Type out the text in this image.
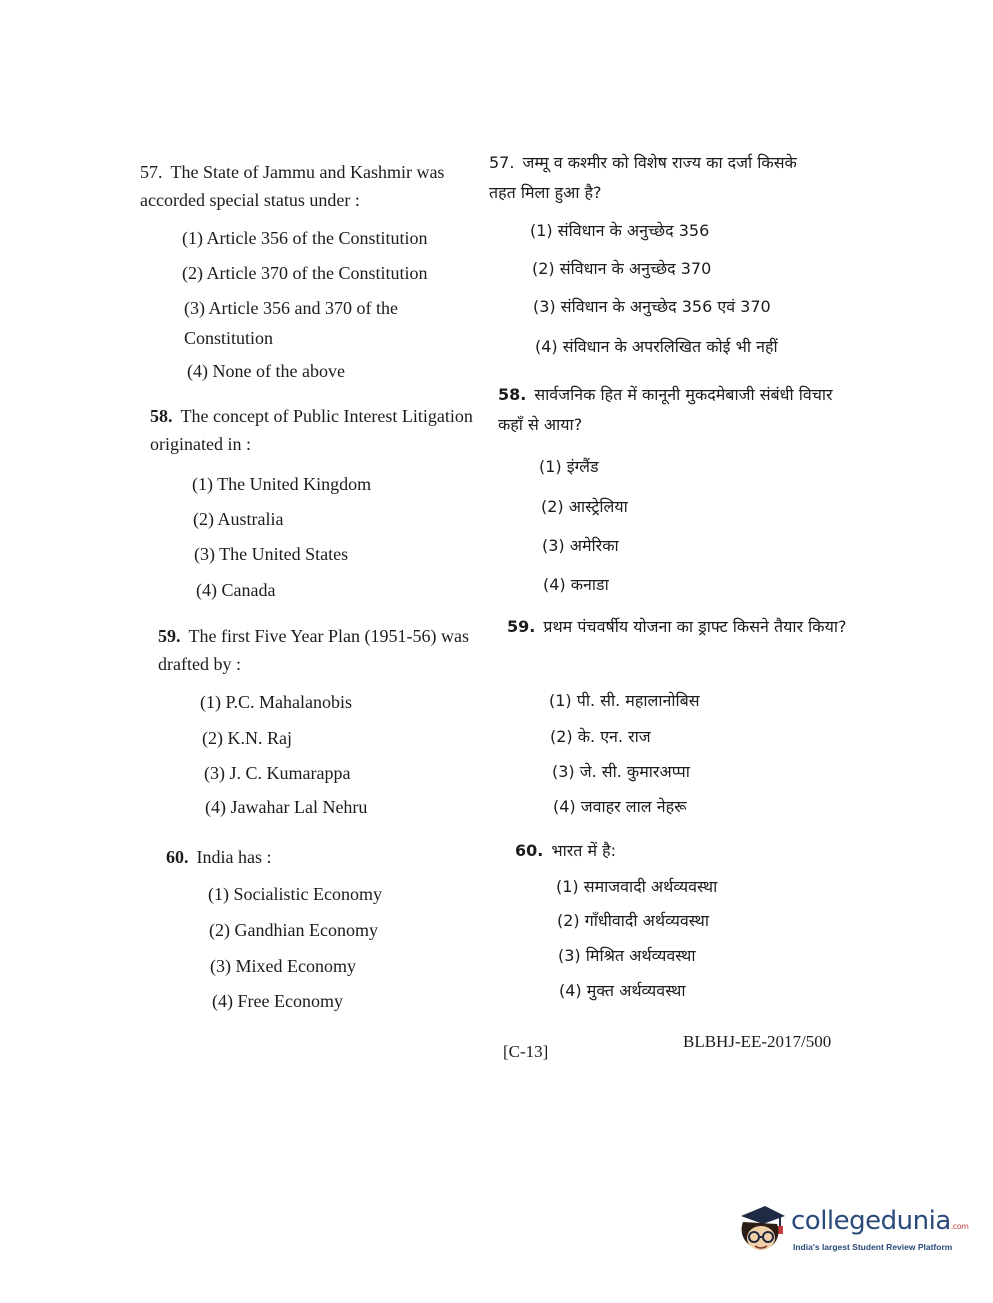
57. The State of Jammu and Kashmir was accorded special status under :
(1) Article 356 of the Constitution
(2) Article 370 of the Constitution
(3) Article 356 and 370 of the Constitution
(4) None of the above
58. The concept of Public Interest Litigation originated in :
(1) The United Kingdom
(2) Australia
(3) The United States
(4) Canada
59. The first Five Year Plan (1951-56) was drafted by :
(1) P.C. Mahalanobis
(2) K.N. Raj
(3) J. C. Kumarappa
(4) Jawahar Lal Nehru
60. India has :
(1) Socialistic Economy
(2) Gandhian Economy
(3) Mixed Economy
(4) Free Economy
57. जम्मू व कश्मीर को विशेष राज्य का दर्जा किसके तहत मिला हुआ है?
(1) संविधान के अनुच्छेद 356
(2) संविधान के अनुच्छेद 370
(3) संविधान के अनुच्छेद 356 एवं 370
(4) संविधान के अपरलिखित कोई भी नहीं
58. सार्वजनिक हित में कानूनी मुकदमेबाजी संबंधी विचार कहाँ से आया?
(1) इंग्लैंड
(2) आस्ट्रेलिया
(3) अमेरिका
(4) कनाडा
59. प्रथम पंचवर्षीय योजना का ड्राफ्ट किसने तैयार किया?
(1) पी. सी. महालानोबिस
(2) के. एन. राज
(3) जे. सी. कुमारअप्पा
(4) जवाहर लाल नेहरू
60. भारत में है:
(1) समाजवादी अर्थव्यवस्था
(2) गाँधीवादी अर्थव्यवस्था
(3) मिश्रित अर्थव्यवस्था
(4) मुक्त अर्थव्यवस्था
[C-13]
BLBHJ-EE-2017/500
collegedunia.com
India's largest Student Review Platform
